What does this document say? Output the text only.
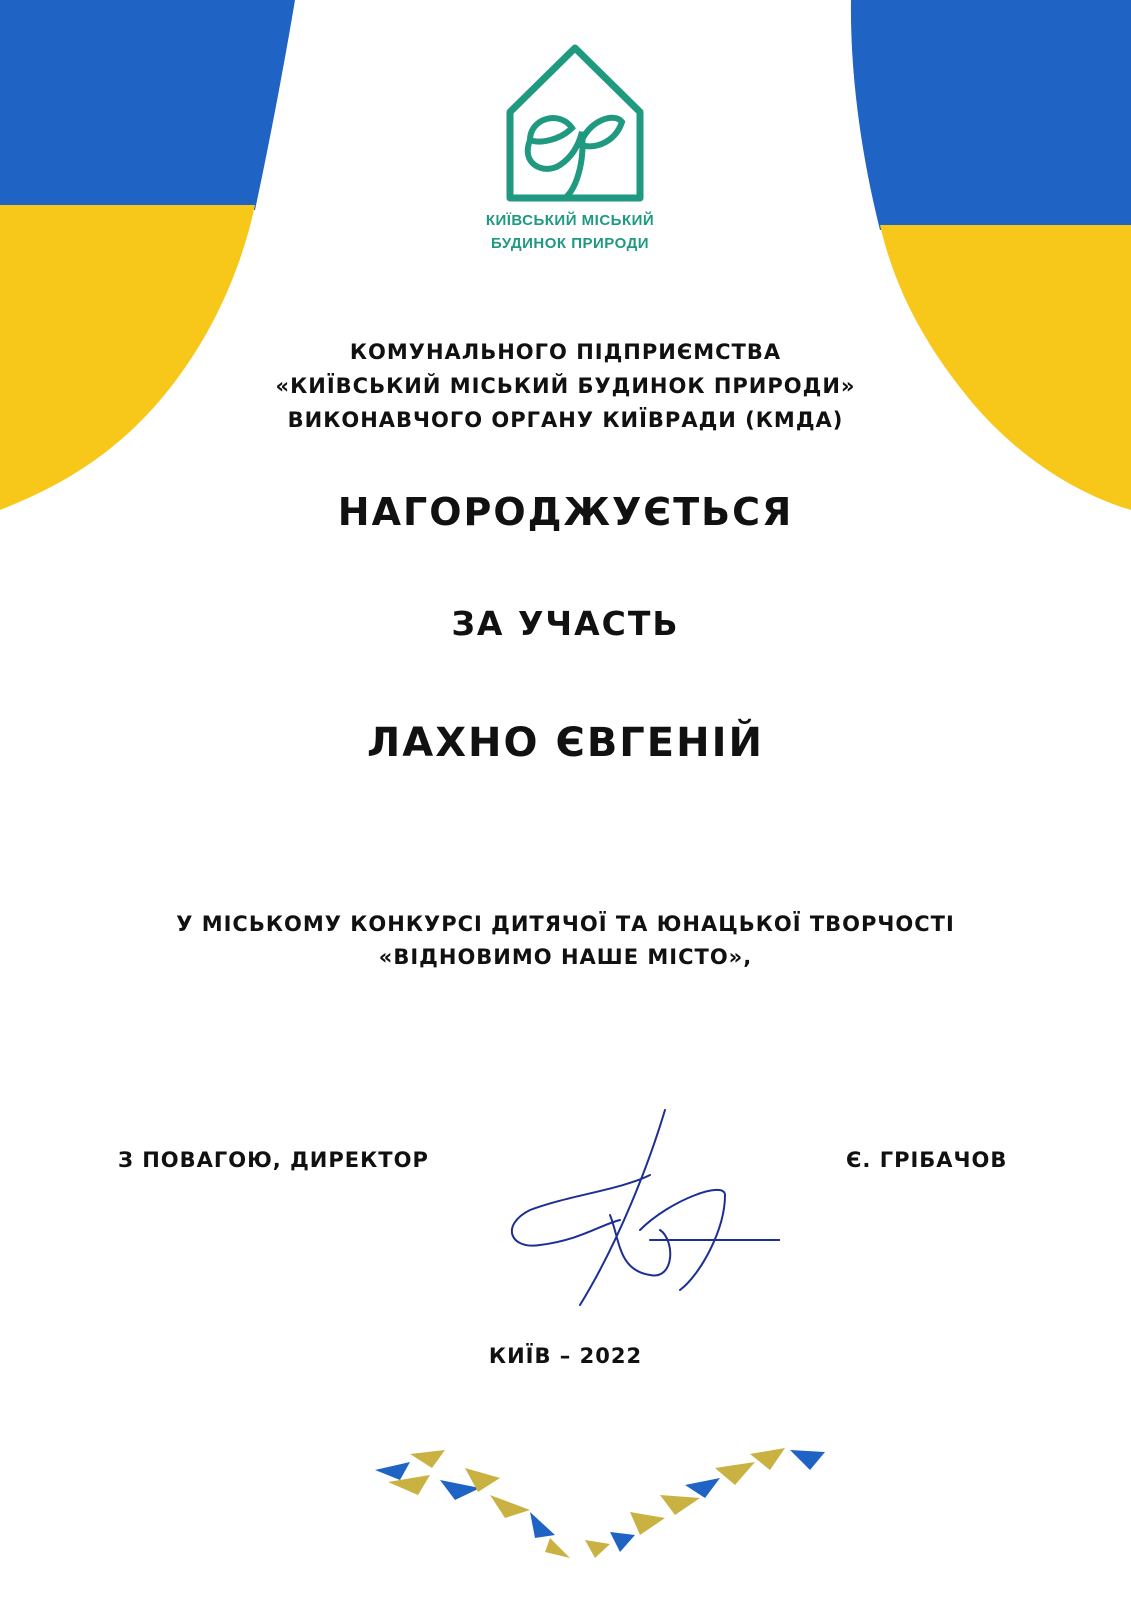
КИЇВСЬКИЙ МІСЬКИЙ
БУДИНОК ПРИРОДИ
КОМУНАЛЬНОГО ПІДПРИЄМСТВА
«КИЇВСЬКИЙ МІСЬКИЙ БУДИНОК ПРИРОДИ»
ВИКОНАВЧОГО ОРГАНУ КИЇВРАДИ (КМДА)
НАГОРОДЖУЄТЬСЯ
ЗА УЧАСТЬ
ЛАХНО ЄВГЕНІЙ
У МІСЬКОМУ КОНКУРСІ ДИТЯЧОЇ ТА ЮНАЦЬКОЇ ТВОРЧОСТІ
«ВІДНОВИМО НАШЕ МІСТО»,
З ПОВАГОЮ, ДИРЕКТОР	Є. ГРІБАЧОВ
КИЇВ – 2022
